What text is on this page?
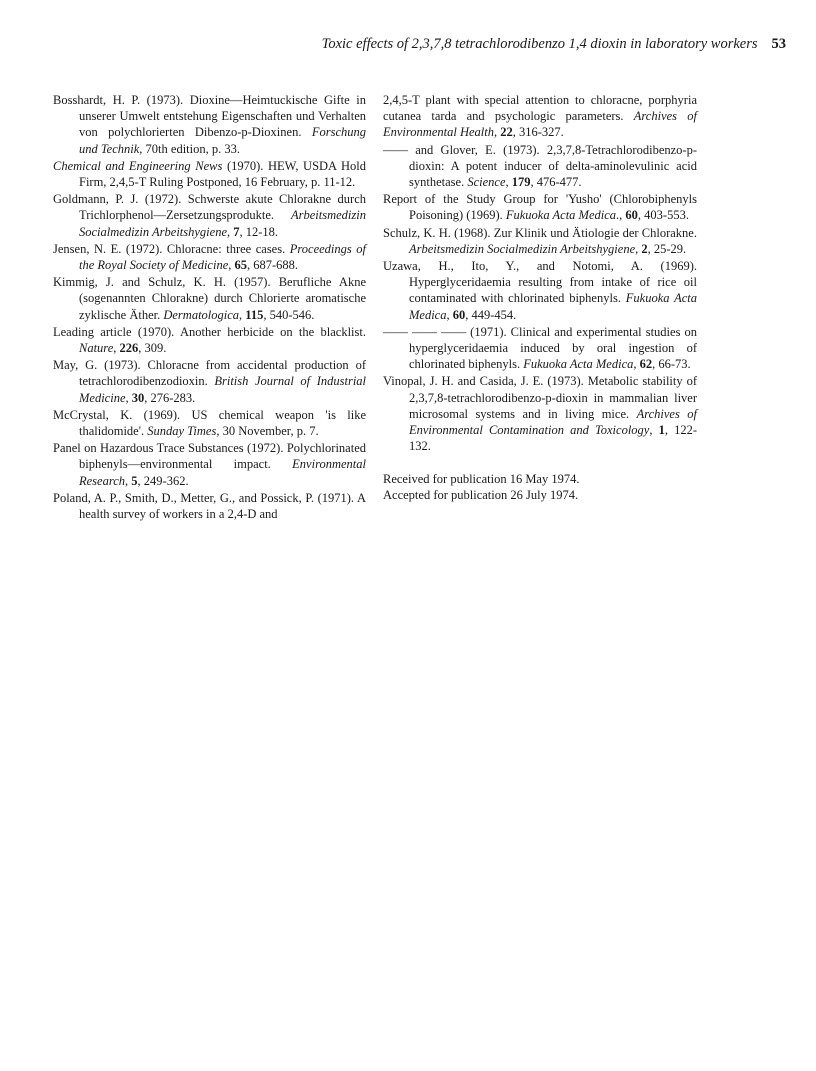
Toxic effects of 2,3,7,8 tetrachlorodibenzo 1,4 dioxin in laboratory workers 53

Bosshardt, H. P. (1973). Dioxine—Heimtuckische Gifte in unserer Umwelt entstehung Eigenschaften und Verhalten von polychlorierten Dibenzo-p-Dioxinen. Forschung und Technik, 70th edition, p. 33.

Chemical and Engineering News (1970). HEW, USDA Hold Firm, 2,4,5-T Ruling Postponed, 16 February, p. 11-12.

Goldmann, P. J. (1972). Schwerste akute Chlorakne durch Trichlorphenol—Zersetzungsprodukte. Arbeitsmedizin Socialmedizin Arbeitshygiene, 7, 12-18.

Jensen, N. E. (1972). Chloracne: three cases. Proceedings of the Royal Society of Medicine, 65, 687-688.

Kimmig, J. and Schulz, K. H. (1957). Berufliche Akne (sogenannten Chlorakne) durch Chlorierte aromatische zyklische Äther. Dermatologica, 115, 540-546.

Leading article (1970). Another herbicide on the blacklist. Nature, 226, 309.

May, G. (1973). Chloracne from accidental production of tetrachlorodibenzodioxin. British Journal of Industrial Medicine, 30, 276-283.

McCrystal, K. (1969). US chemical weapon 'is like thalidomide'. Sunday Times, 30 November, p. 7.

Panel on Hazardous Trace Substances (1972). Polychlorinated biphenyls—environmental impact. Environmental Research, 5, 249-362.

Poland, A. P., Smith, D., Metter, G., and Possick, P. (1971). A health survey of workers in a 2,4-D and

2,4,5-T plant with special attention to chloracne, porphyria cutanea tarda and psychologic parameters. Archives of Environmental Health, 22, 316-327.

—— and Glover, E. (1973). 2,3,7,8-Tetrachlorodibenzo-p-dioxin: A potent inducer of delta-aminolevulinic acid synthetase. Science, 179, 476-477.

Report of the Study Group for 'Yusho' (Chlorobiphenyls Poisoning) (1969). Fukuoka Acta Medica., 60, 403-553.

Schulz, K. H. (1968). Zur Klinik und Ätiologie der Chlorakne. Arbeitsmedizin Socialmedizin Arbeitshygiene, 2, 25-29.

Uzawa, H., Ito, Y., and Notomi, A. (1969). Hyperglyceridaemia resulting from intake of rice oil contaminated with chlorinated biphenyls. Fukuoka Acta Medica, 60, 449-454.

—— —— —— (1971). Clinical and experimental studies on hyperglyceridaemia induced by oral ingestion of chlorinated biphenyls. Fukuoka Acta Medica, 62, 66-73.

Vinopal, J. H. and Casida, J. E. (1973). Metabolic stability of 2,3,7,8-tetrachlorodibenzo-p-dioxin in mammalian liver microsomal systems and in living mice. Archives of Environmental Contamination and Toxicology, 1, 122-132.

Received for publication 16 May 1974.
Accepted for publication 26 July 1974.
